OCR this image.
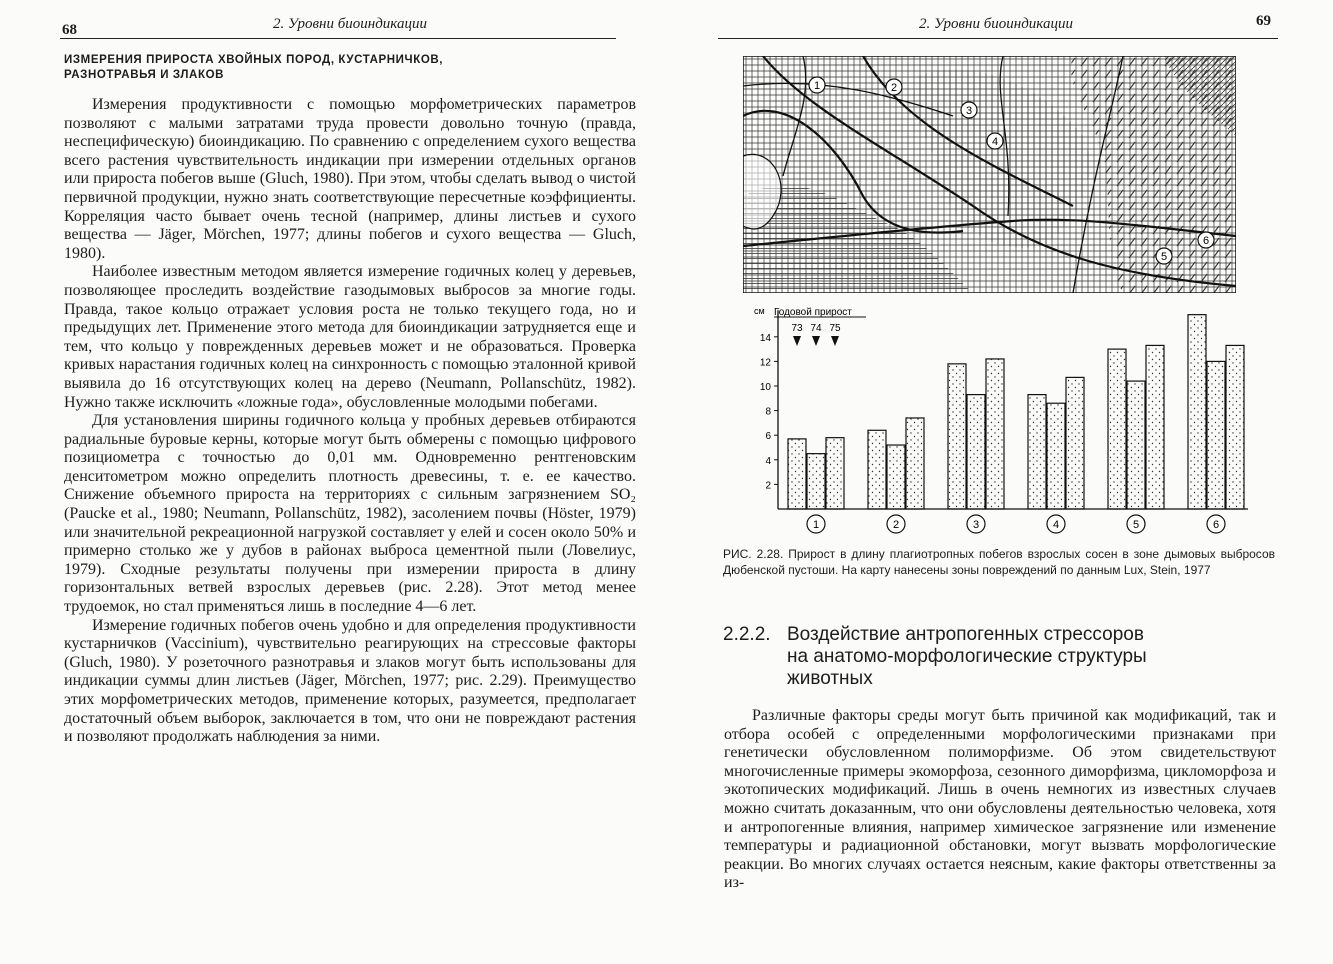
68	2. Уровни биоиндикации
ИЗМЕРЕНИЯ ПРИРОСТА ХВОЙНЫХ ПОРОД, КУСТАРНИЧКОВ,
РАЗНОТРАВЬЯ И ЗЛАКОВ

Измерения продуктивности с помощью морфометрических параметров позволяют с малыми затратами труда провести довольно точную (правда, неспецифическую) биоиндикацию. По сравнению с определением сухого вещества всего растения чувствительность индикации при измерении отдельных органов или прироста побегов выше (Gluch, 1980). При этом, чтобы сделать вывод о чистой первичной продукции, нужно знать соответствующие пересчетные коэффициенты. Корреляция часто бывает очень тесной (например, длины листьев и сухого вещества — Jäger, Mörchen, 1977; длины побегов и сухого вещества — Gluch, 1980).

Наиболее известным методом является измерение годичных колец у деревьев, позволяющее проследить воздействие газодымовых выбросов за многие годы. Правда, такое кольцо отражает условия роста не только текущего года, но и предыдущих лет. Применение этого метода для биоиндикации затрудняется еще и тем, что кольцо у поврежденных деревьев может и не образоваться. Проверка кривых нарастания годичных колец на синхронность с помощью эталонной кривой выявила до 16 отсутствующих колец на дерево (Neumann, Pollanschütz, 1982). Нужно также исключить «ложные года», обусловленные молодыми побегами.

Для установления ширины годичного кольца у пробных деревьев отбираются радиальные буровые керны, которые могут быть обмерены с помощью цифрового позициометра с точностью до 0,01 мм. Одновременно рентгеновским денситометром можно определить плотность древесины, т. е. ее качество. Снижение объемного прироста на территориях с сильным загрязнением SO₂ (Paucke et al., 1980; Neumann, Pollanschütz, 1982), засолением почвы (Höster, 1979) или значительной рекреационной нагрузкой составляет у елей и сосен около 50% и примерно столько же у дубов в районах выброса цементной пыли (Ловелиус, 1979). Сходные результаты получены при измерении прироста в длину горизонтальных ветвей взрослых деревьев (рис. 2.28). Этот метод менее трудоемок, но стал применяться лишь в последние 4—6 лет.

Измерение годичных побегов очень удобно и для определения продуктивности кустарничков (Vaccinium), чувствительно реагирующих на стрессовые факторы (Gluch, 1980). У розеточного разнотравья и злаков могут быть использованы для индикации суммы длин листьев (Jäger, Mörchen, 1977; рис. 2.29). Преимущество этих морфометрических методов, применение которых, разумеется, предполагает достаточный объем выборок, заключается в том, что они не повреждают растения и позволяют продолжать наблюдения за ними.

2. Уровни биоиндикации	69
1	2
3
4
5
6
РИС. 2.28. Прирост в длину плагиотропных побегов взрослых сосен в зоне дымовых выбросов Дюбенской пустоши. На карту нанесены зоны повреждений по данным Lux, Stein, 1977
2.2.2. Воздействие антропогенных стрессоров
на анатомо-морфологические структуры
животных

Различные факторы среды могут быть причиной как модификаций, так и отбора особей с определенными морфологическими признаками при генетически обусловленном полиморфизме. Об этом свидетельствуют многочисленные примеры экоморфоза, сезонного диморфизма, цикломорфоза и экотопических модификаций. Лишь в очень немногих из известных случаев можно считать доказанным, что они обусловлены деятельностью человека, хотя и антропогенные влияния, например химическое загрязнение или изменение температуры и радиационной обстановки, могут вызвать морфологические реакции. Во многих случаях остается неясным, какие факторы ответственны за из-

см
2
4
6
8
10
12
14
Годовой прирост
73 74 75
1	2	3	4	5	6
